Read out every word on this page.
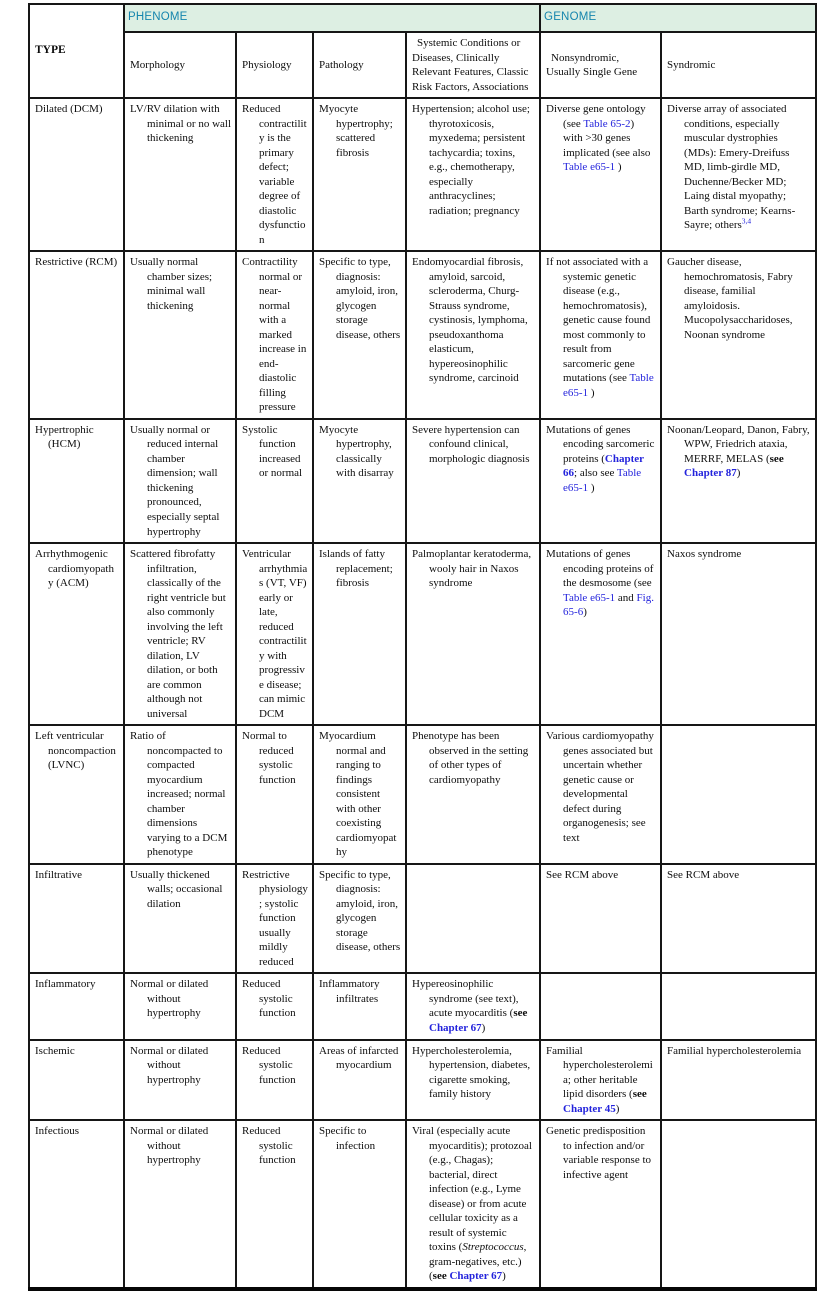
TYPE	PHENOME				GENOME	
	Morphology	Physiology	Pathology	Systemic Conditions or Diseases, Clinically Relevant Features, Classic Risk Factors, Associations	Nonsyndromic, Usually Single Gene	Syndromic

Dilated (DCM)	LV/RV dilation with minimal or no wall thickening	Reduced contractility is the primary defect; variable degree of diastolic dysfunction	Myocyte hypertrophy; scattered fibrosis	Hypertension; alcohol use; thyrotoxicosis, myxedema; persistent tachycardia; toxins, e.g., chemotherapy, especially anthracyclines; radiation; pregnancy	Diverse gene ontology (see Table 65-2) with >30 genes implicated (see also Table e65-1 )	Diverse array of associated conditions, especially muscular dystrophies (MDs): Emery-Dreifuss MD, limb-girdle MD, Duchenne/Becker MD; Laing distal myopathy; Barth syndrome; Kearns-Sayre; others$^{3,4}$

Restrictive (RCM)	Usually normal chamber sizes; minimal wall thickening	Contractility normal or near-normal with a marked increase in end-diastolic filling pressure	Specific to type, diagnosis: amyloid, iron, glycogen storage disease, others	Endomyocardial fibrosis, amyloid, sarcoid, scleroderma, Churg-Strauss syndrome, cystinosis, lymphoma, pseudoxanthoma elasticum, hypereosinophilic syndrome, carcinoid	If not associated with a systemic genetic disease (e.g., hemochromatosis), genetic cause found most commonly to result from sarcomeric gene mutations (see Table e65-1 )	Gaucher disease, hemochromatosis, Fabry disease, familial amyloidosis. Mucopolysaccharidoses, Noonan syndrome

Hypertrophic (HCM)	Usually normal or reduced internal chamber dimension; wall thickening pronounced, especially septal hypertrophy	Systolic function increased or normal	Myocyte hypertrophy, classically with disarray	Severe hypertension can confound clinical, morphologic diagnosis	Mutations of genes encoding sarcomeric proteins (Chapter 66; also see Table e65-1 )	Noonan/Leopard, Danon, Fabry, WPW, Friedrich ataxia, MERRF, MELAS (see Chapter 87)

Arrhythmogenic cardiomyopathy (ACM)	Scattered fibrofatty infiltration, classically of the right ventricle but also commonly involving the left ventricle; RV dilation, LV dilation, or both are common although not universal	Ventricular arrhythmias (VT, VF) early or late, reduced contractility with progressive disease; can mimic DCM	Islands of fatty replacement; fibrosis	Palmoplantar keratoderma, wooly hair in Naxos syndrome	Mutations of genes encoding proteins of the desmosome (see Table e65-1 and Fig. 65-6)	Naxos syndrome

Left ventricular noncompaction (LVNC)	Ratio of noncompacted to compacted myocardium increased; normal chamber dimensions varying to a DCM phenotype	Normal to reduced systolic function	Myocardium normal and ranging to findings consistent with other coexisting cardiomyopathy	Phenotype has been observed in the setting of other types of cardiomyopathy	Various cardiomyopathy genes associated but uncertain whether genetic cause or developmental defect during organogenesis; see text	

Infiltrative	Usually thickened walls; occasional dilation	Restrictive physiology; systolic function usually mildly reduced	Specific to type, diagnosis: amyloid, iron, glycogen storage disease, others		See RCM above	See RCM above

Inflammatory	Normal or dilated without hypertrophy	Reduced systolic function	Inflammatory infiltrates	Hypereosinophilic syndrome (see text), acute myocarditis (see Chapter 67)		

Ischemic	Normal or dilated without hypertrophy	Reduced systolic function	Areas of infarcted myocardium	Hypercholesterolemia, hypertension, diabetes, cigarette smoking, family history	Familial hypercholesterolemia; other heritable lipid disorders (see Chapter 45)	Familial hypercholesterolemia

Infectious	Normal or dilated without hypertrophy	Reduced systolic function	Specific to infection	Viral (especially acute myocarditis); protozoal (e.g., Chagas); bacterial, direct infection (e.g., Lyme disease) or from acute cellular toxicity as a result of systemic toxins (Streptococcus, gram-negatives, etc.) (see Chapter 67)	Genetic predisposition to infection and/or variable response to infective agent	
